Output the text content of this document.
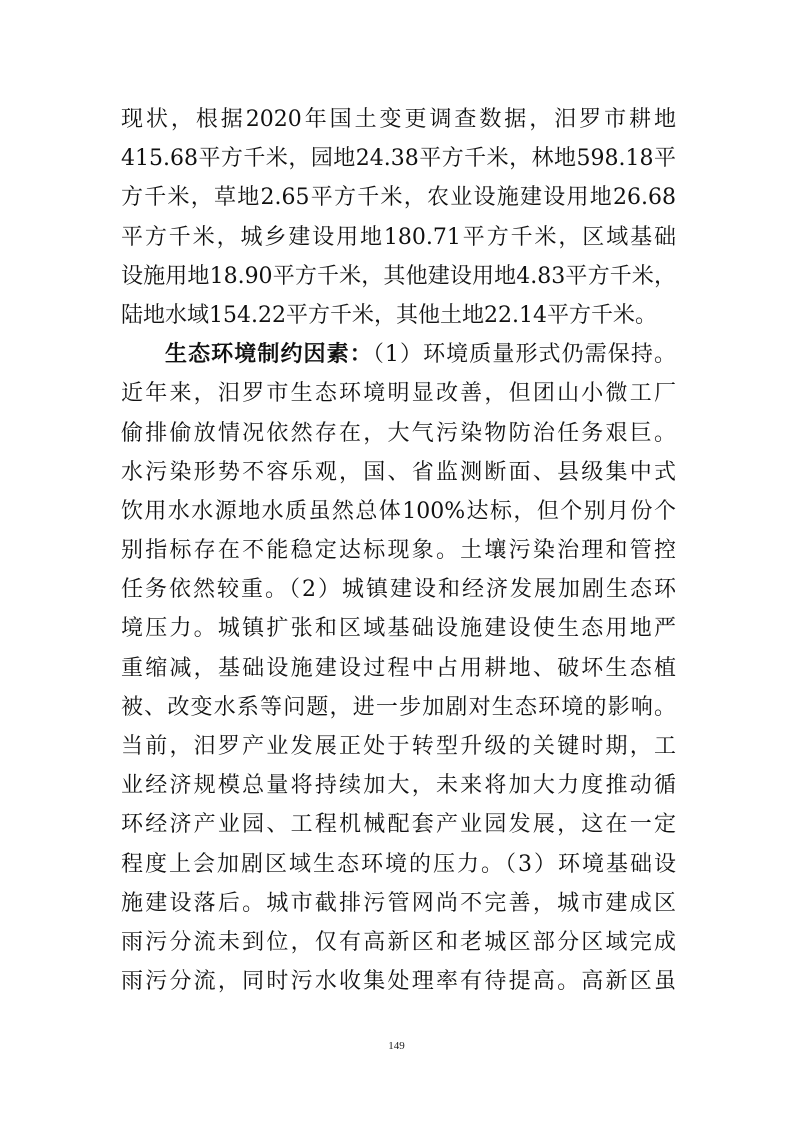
现状，根据2020年国土变更调查数据，汨罗市耕地
415.68平方千米，园地24.38平方千米，林地598.18平
方千米，草地2.65平方千米，农业设施建设用地26.68
平方千米，城乡建设用地180.71平方千米，区域基础
设施用地18.90平方千米，其他建设用地4.83平方千米，
陆地水域154.22平方千米，其他土地22.14平方千米。
生态环境制约因素：（1）环境质量形式仍需保持。
近年来，汨罗市生态环境明显改善，但团山小微工厂
偷排偷放情况依然存在，大气污染物防治任务艰巨。
水污染形势不容乐观，国、省监测断面、县级集中式
饮用水水源地水质虽然总体100%达标，但个别月份个
别指标存在不能稳定达标现象。土壤污染治理和管控
任务依然较重。（2）城镇建设和经济发展加剧生态环
境压力。城镇扩张和区域基础设施建设使生态用地严
重缩减，基础设施建设过程中占用耕地、破坏生态植
被、改变水系等问题，进一步加剧对生态环境的影响。
当前，汨罗产业发展正处于转型升级的关键时期，工
业经济规模总量将持续加大，未来将加大力度推动循
环经济产业园、工程机械配套产业园发展，这在一定
程度上会加剧区域生态环境的压力。（3）环境基础设
施建设落后。城市截排污管网尚不完善，城市建成区
雨污分流未到位，仅有高新区和老城区部分区域完成
雨污分流，同时污水收集处理率有待提高。高新区虽
149
